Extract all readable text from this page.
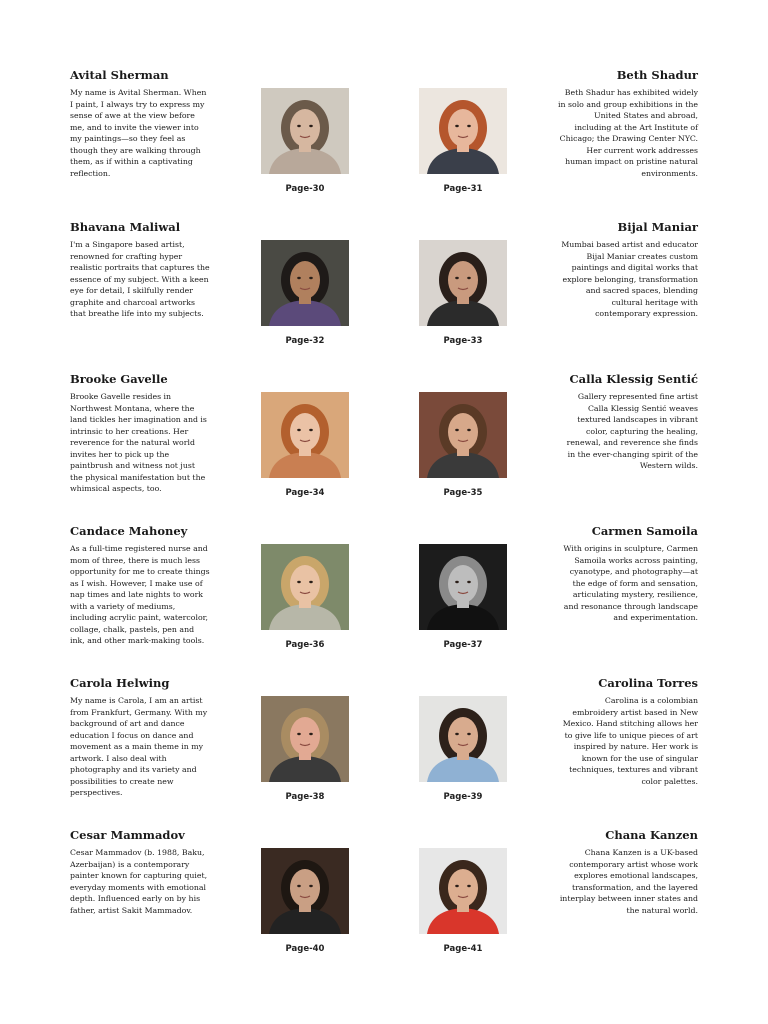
Avital Sherman

My name is Avital Sherman. When I paint, I always try to express my sense of awe at the view before me, and to invite the viewer into my paintings—so they feel as though they are walking through them, as if within a captivating reflection.

Page-30	Page-31
Beth Shadur

Beth Shadur has exhibited widely in solo and group exhibitions in the United States and abroad, including at the Art Institute of Chicago; the Drawing Center NYC. Her current work addresses human impact on pristine natural environments.

Bhavana Maliwal

I'm a Singapore based artist, renowned for crafting hyper realistic portraits that captures the essence of my subject. With a keen eye for detail, I skilfully render graphite and charcoal artworks that breathe life into my subjects.

Page-32	Page-33
Bijal Maniar

Mumbai based artist and educator Bijal Maniar creates custom paintings and digital works that explore belonging, transformation and sacred spaces, blending cultural heritage with contemporary expression.

Brooke Gavelle

Brooke Gavelle resides in Northwest Montana, where the land tickles her imagination and is intrinsic to her creations. Her reverence for the natural world invites her to pick up the paintbrush and witness not just the physical manifestation but the whimsical aspects, too.	Page-34	Page-35
Calla Klessig Sentić

Gallery represented fine artist Calla Klessig Sentić weaves textured landscapes in vibrant color, capturing the healing, renewal, and reverence she finds in the ever-changing spirit of the Western wilds.

Candace Mahoney

As a full-time registered nurse and mom of three, there is much less opportunity for me to create things as I wish. However, I make use of nap times and late nights to work with a variety of mediums, including acrylic paint, watercolor, collage, chalk, pastels, pen and ink, and other mark-making tools.	Page-36	Page-37
Carmen Samoila

With origins in sculpture, Carmen Samoila works across painting, cyanotype, and photography—at the edge of form and sensation, articulating mystery, resilience, and resonance through landscape and experimentation.

Carola Helwing

My name is Carola, I am an artist from Frankfurt, Germany. With my background of art and dance education I focus on dance and movement as a main theme in my artwork. I also deal with photography and its variety and possibilities to create new perspectives.	Page-38	Page-39
Carolina Torres

Carolina is a colombian embroidery artist based in New Mexico. Hand stitching allows her to give life to unique pieces of art inspired by nature. Her work is known for the use of singular techniques, textures and vibrant color palettes.

Cesar Mammadov

Cesar Mammadov (b. 1988, Baku, Azerbaijan) is a contemporary painter known for capturing quiet, everyday moments with emotional depth. Influenced early on by his father, artist Sakit Mammadov.

Page-40	Page-41
Chana Kanzen

Chana Kanzen is a UK-based contemporary artist whose work explores emotional landscapes, transformation, and the layered interplay between inner states and the natural world.
